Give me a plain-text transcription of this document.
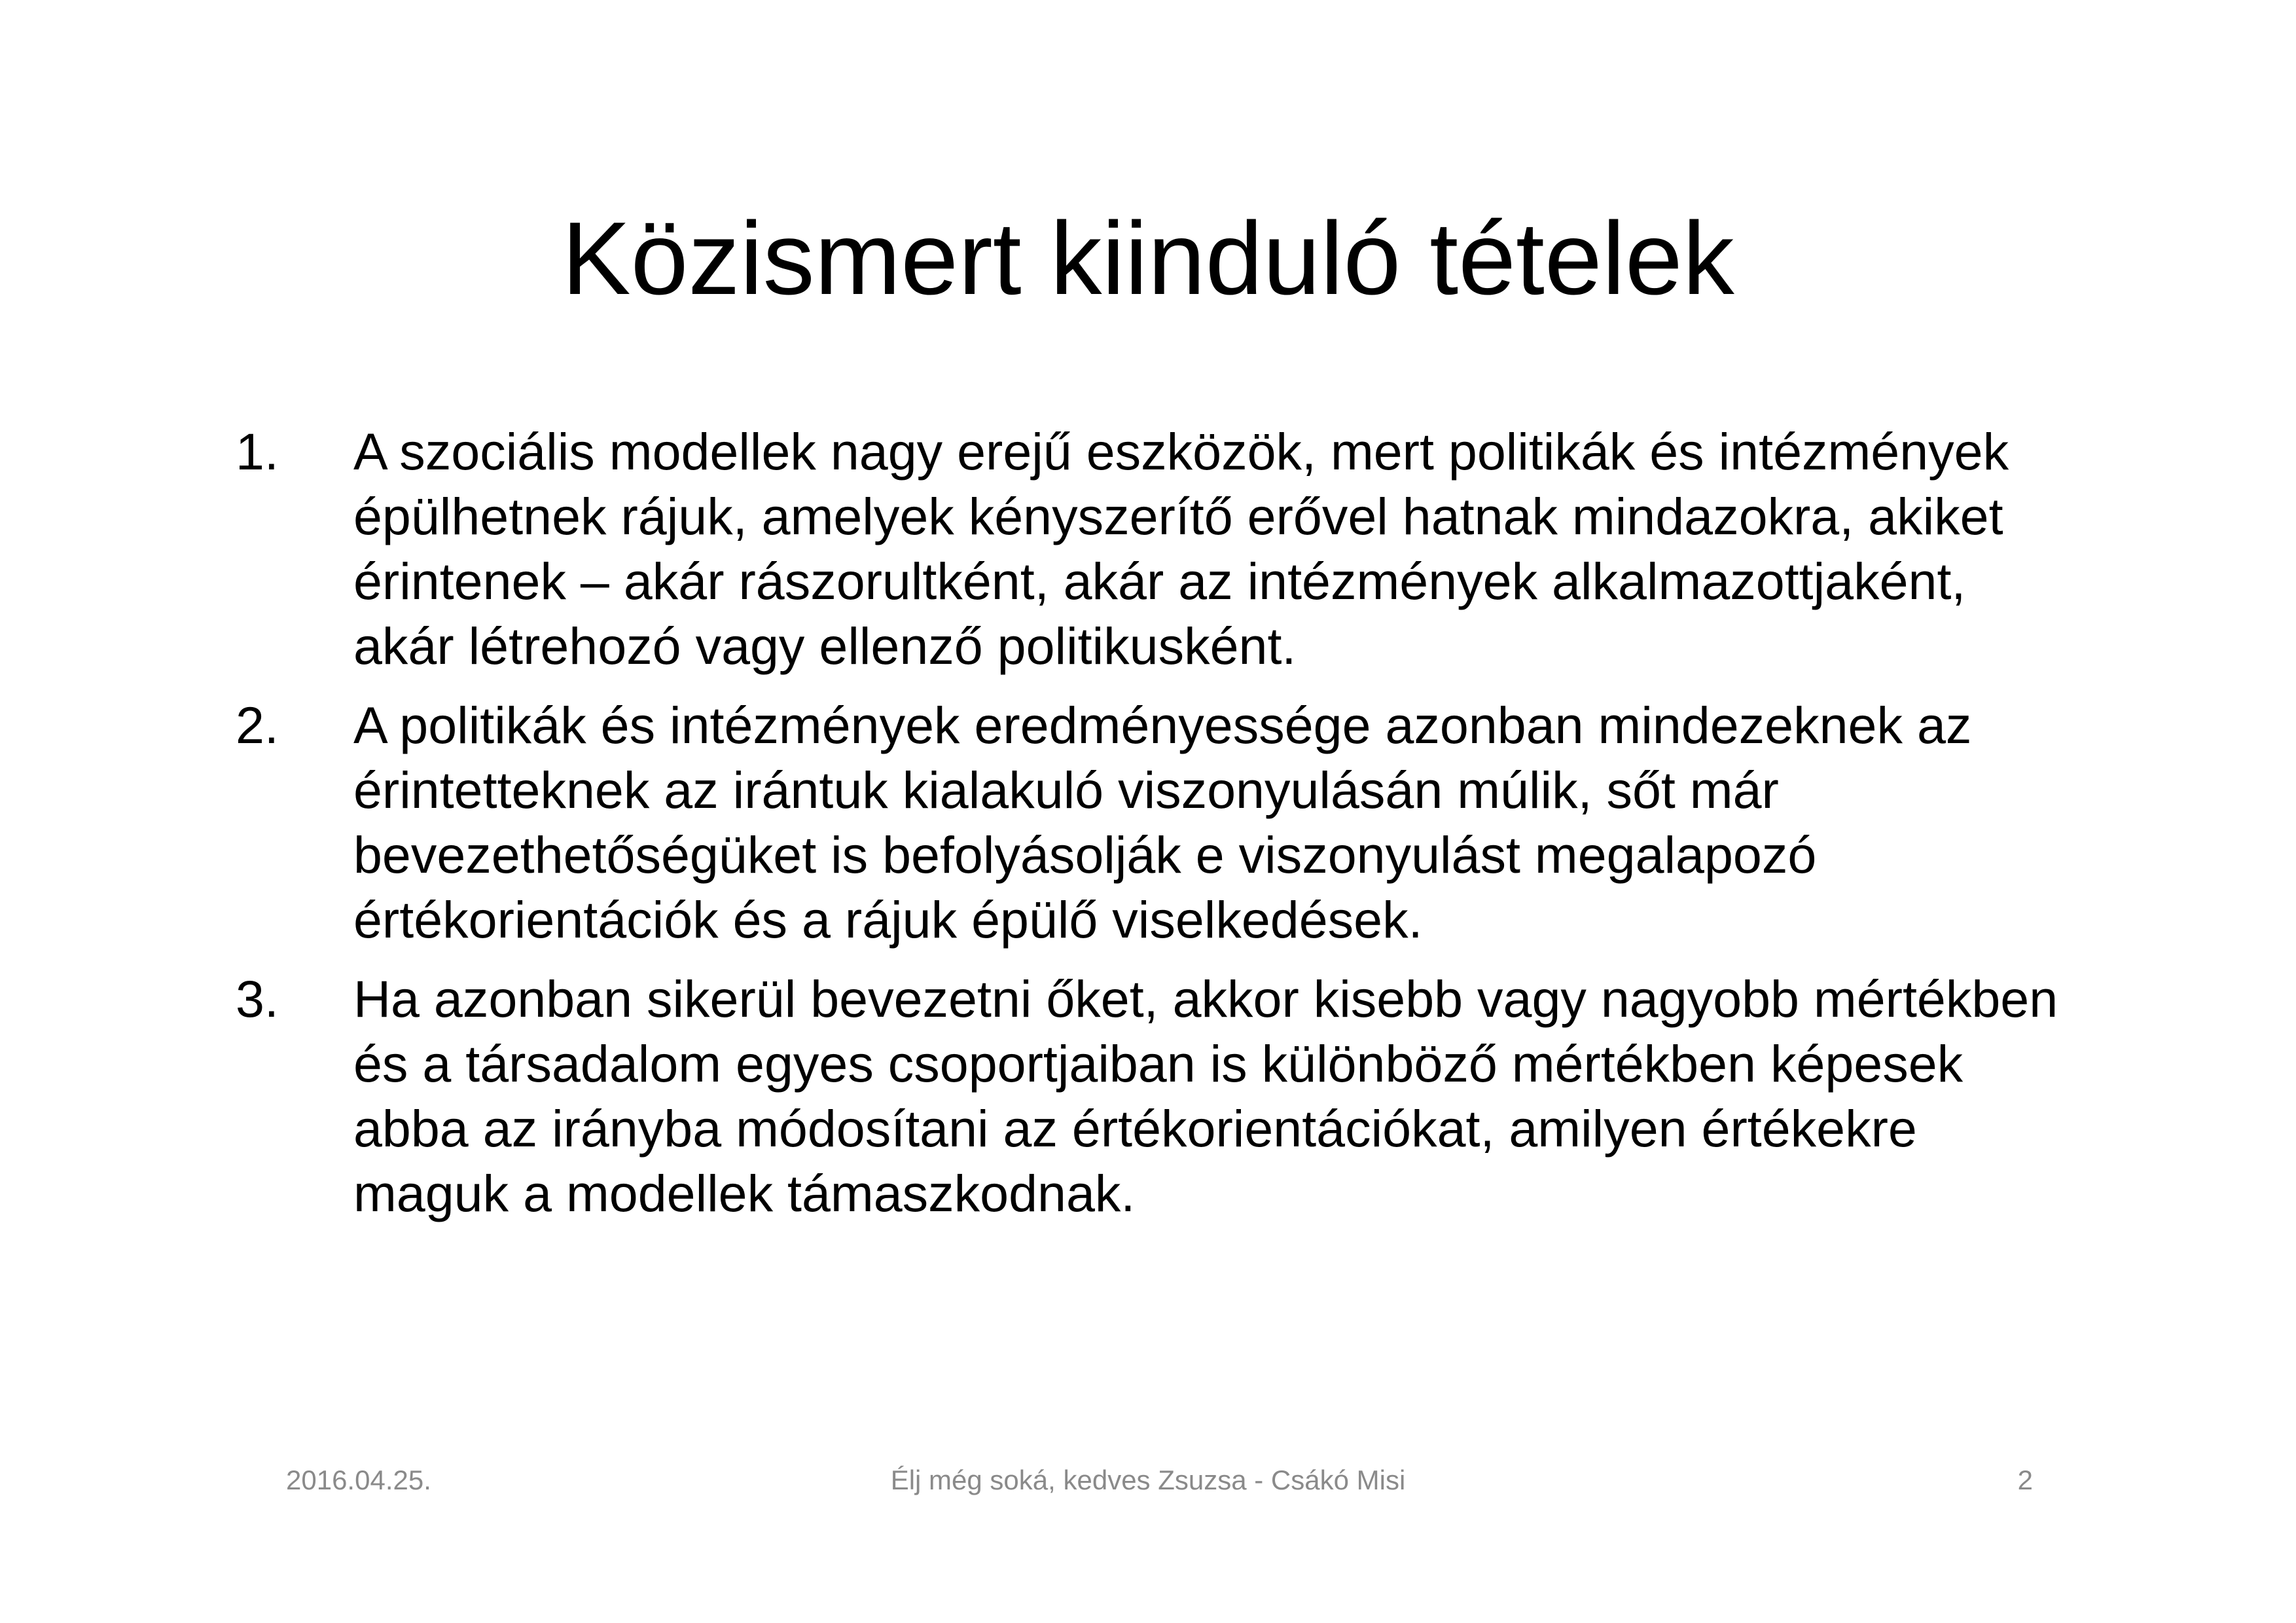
Közismert kiinduló tételek
1. A szociális modellek nagy erejű eszközök, mert politikák és intézmények épülhetnek rájuk, amelyek kényszerítő erővel hatnak mindazokra, akiket érintenek – akár rászorultként, akár az intézmények alkalmazottjaként, akár létrehozó vagy ellenző politikusként.
2. A politikák és intézmények eredményessége azonban mindezeknek az érintetteknek az irántuk kialakuló viszonyulásán múlik, sőt már bevezethetőségüket is befolyásolják e viszonyulást megalapozó értékorientációk és a rájuk épülő viselkedések.
3. Ha azonban sikerül bevezetni őket, akkor kisebb vagy nagyobb mértékben és a társadalom egyes csoportjaiban is különböző mértékben képesek abba az irányba módosítani az értékorientációkat, amilyen értékekre maguk a modellek támaszkodnak.
2016.04.25.	Élj még soká, kedves Zsuzsa - Csákó Misi	2
